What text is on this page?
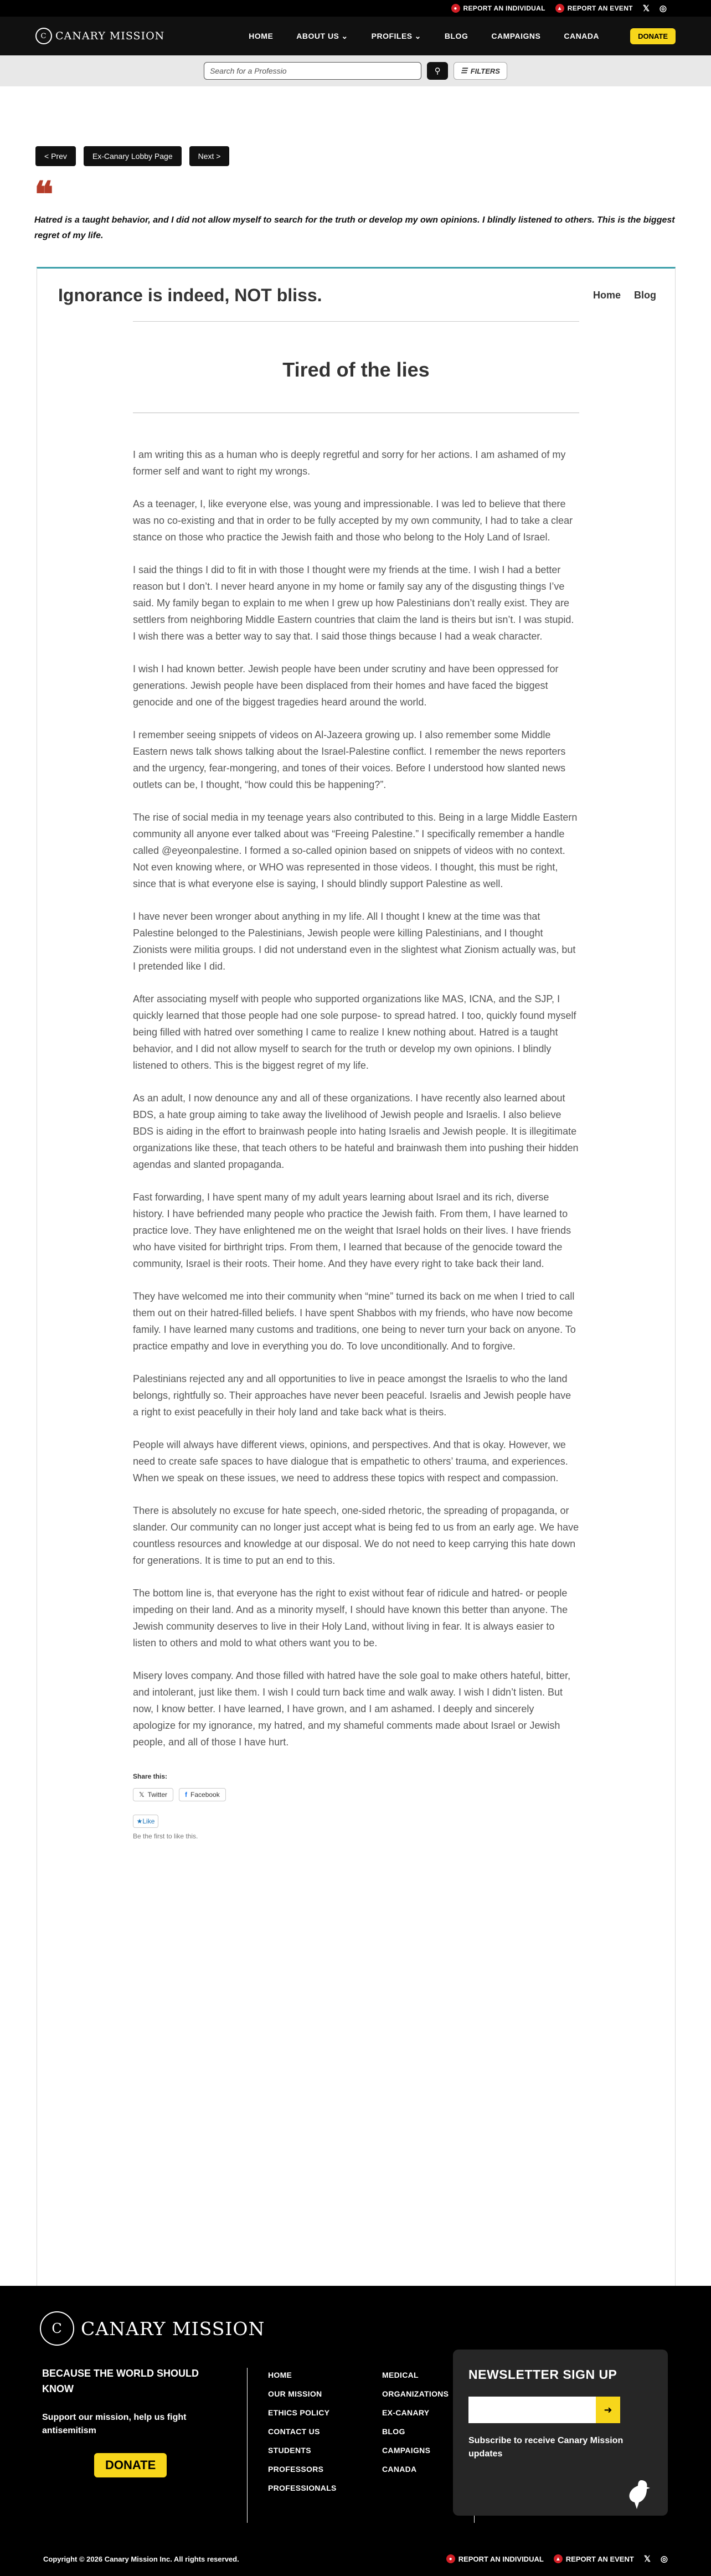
● REPORT AN INDIVIDUAL ▲ REPORT AN EVENT 𝕏 ◎
C CANARY MISSION	HOME	ABOUT US ⌄	PROFILES ⌄	BLOG	CAMPAIGNS	CANADA	DONATE
Search for a Professio	⚲	☰ FILTERS
< Prev	Ex-Canary Lobby Page	Next >
❝
Hatred is a taught behavior, and I did not allow myself to search for the truth or develop my own opinions. I blindly listened to others. This is the biggest regret of my life.
Ignorance is indeed, NOT bliss.	Home Blog
Tired of the lies

I am writing this as a human who is deeply regretful and sorry for her actions. I am ashamed of my former self and want to right my wrongs.

As a teenager, I, like everyone else, was young and impressionable. I was led to believe that there was no co-existing and that in order to be fully accepted by my own community, I had to take a clear stance on those who practice the Jewish faith and those who belong to the Holy Land of Israel.

I said the things I did to fit in with those I thought were my friends at the time. I wish I had a better reason but I don’t. I never heard anyone in my home or family say any of the disgusting things I’ve said. My family began to explain to me when I grew up how Palestinians don’t really exist. They are settlers from neighboring Middle Eastern countries that claim the land is theirs but isn’t. I was stupid. I wish there was a better way to say that. I said those things because I had a weak character.

I wish I had known better. Jewish people have been under scrutiny and have been oppressed for generations. Jewish people have been displaced from their homes and have faced the biggest genocide and one of the biggest tragedies heard around the world.

I remember seeing snippets of videos on Al-Jazeera growing up. I also remember some Middle Eastern news talk shows talking about the Israel-Palestine conflict. I remember the news reporters and the urgency, fear-mongering, and tones of their voices. Before I understood how slanted news outlets can be, I thought, “how could this be happening?”.

The rise of social media in my teenage years also contributed to this. Being in a large Middle Eastern community all anyone ever talked about was “Freeing Palestine.” I specifically remember a handle called @eyeonpalestine. I formed a so-called opinion based on snippets of videos with no context. Not even knowing where, or WHO was represented in those videos. I thought, this must be right, since that is what everyone else is saying, I should blindly support Palestine as well.

I have never been wronger about anything in my life. All I thought I knew at the time was that Palestine belonged to the Palestinians, Jewish people were killing Palestinians, and I thought Zionists were militia groups. I did not understand even in the slightest what Zionism actually was, but I pretended like I did.

After associating myself with people who supported organizations like MAS, ICNA, and the SJP, I quickly learned that those people had one sole purpose- to spread hatred. I too, quickly found myself being filled with hatred over something I came to realize I knew nothing about. Hatred is a taught behavior, and I did not allow myself to search for the truth or develop my own opinions. I blindly listened to others. This is the biggest regret of my life.

As an adult, I now denounce any and all of these organizations. I have recently also learned about BDS, a hate group aiming to take away the livelihood of Jewish people and Israelis. I also believe BDS is aiding in the effort to brainwash people into hating Israelis and Jewish people. It is illegitimate organizations like these, that teach others to be hateful and brainwash them into pushing their hidden agendas and slanted propaganda.

Fast forwarding, I have spent many of my adult years learning about Israel and its rich, diverse history. I have befriended many people who practice the Jewish faith. From them, I have learned to practice love. They have enlightened me on the weight that Israel holds on their lives. I have friends who have visited for birthright trips. From them, I learned that because of the genocide toward the community, Israel is their roots. Their home. And they have every right to take back their land.

They have welcomed me into their community when “mine” turned its back on me when I tried to call them out on their hatred-filled beliefs. I have spent Shabbos with my friends, who have now become family. I have learned many customs and traditions, one being to never turn your back on anyone. To practice empathy and love in everything you do. To love unconditionally. And to forgive.

Palestinians rejected any and all opportunities to live in peace amongst the Israelis to who the land belongs, rightfully so. Their approaches have never been peaceful. Israelis and Jewish people have a right to exist peacefully in their holy land and take back what is theirs.

People will always have different views, opinions, and perspectives. And that is okay. However, we need to create safe spaces to have dialogue that is empathetic to others’ trauma, and experiences. When we speak on these issues, we need to address these topics with respect and compassion.

There is absolutely no excuse for hate speech, one-sided rhetoric, the spreading of propaganda, or slander. Our community can no longer just accept what is being fed to us from an early age. We have countless resources and knowledge at our disposal. We do not need to keep carrying this hate down for generations. It is time to put an end to this.

The bottom line is, that everyone has the right to exist without fear of ridicule and hatred- or people impeding on their land. And as a minority myself, I should have known this better than anyone. The Jewish community deserves to live in their Holy Land, without living in fear. It is always easier to listen to others and mold to what others want you to be.

Misery loves company. And those filled with hatred have the sole goal to make others hateful, bitter, and intolerant, just like them. I wish I could turn back time and walk away. I wish I didn’t listen. But now, I know better. I have learned, I have grown, and I am ashamed. I deeply and sincerely apologize for my ignorance, my hatred, and my shameful comments made about Israel or Jewish people, and all of those I have hurt.

Share this:
𝕏 Twitter	f Facebook
★ Like
Be the first to like this.
C	CANARY MISSION
BECAUSE THE WORLD SHOULD KNOW
Support our mission, help us fight antisemitism
DONATE
HOME
OUR MISSION
ETHICS POLICY
CONTACT US
STUDENTS
PROFESSORS
PROFESSIONALS
MEDICAL
ORGANIZATIONS
EX-CANARY
BLOG
CAMPAIGNS
CANADA
NEWSLETTER SIGN UP
➜
Subscribe to receive Canary Mission updates
Copyright © 2026 Canary Mission Inc. All rights reserved.	● REPORT AN INDIVIDUAL	▲ REPORT AN EVENT 𝕏 ◎
